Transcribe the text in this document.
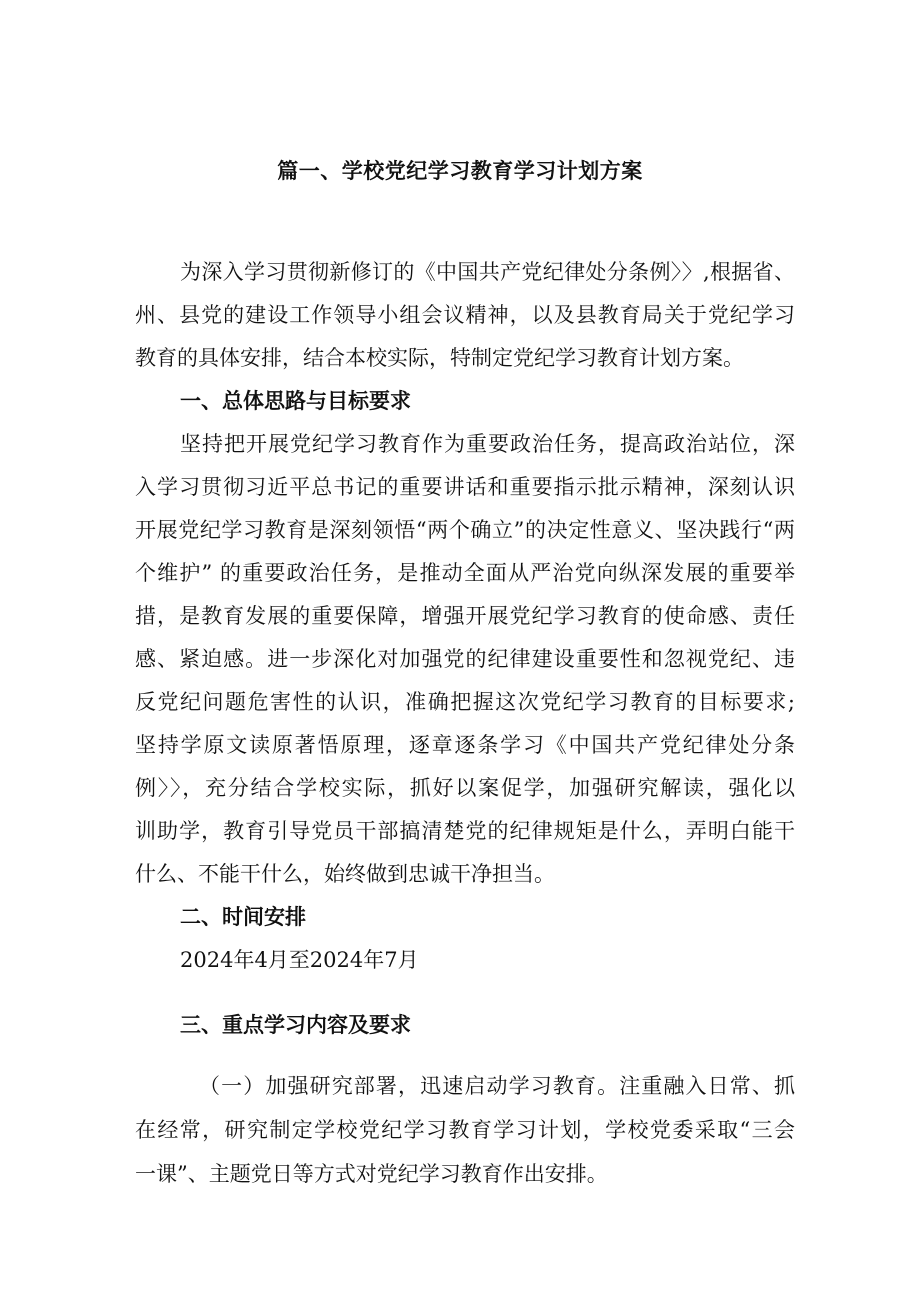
篇一、学校党纪学习教育学习计划方案
为深入学习贯彻新修订的《中国共产党纪律处分条例〉〉,根据省、
州、县党的建设工作领导小组会议精神，以及县教育局关于党纪学习
教育的具体安排，结合本校实际，特制定党纪学习教育计划方案。
一、总体思路与目标要求
坚持把开展党纪学习教育作为重要政治任务，提高政治站位，深
入学习贯彻习近平总书记的重要讲话和重要指示批示精神，深刻认识
开展党纪学习教育是深刻领悟“两个确立”的决定性意义、坚决践行“两
个维护” 的重要政治任务，是推动全面从严治党向纵深发展的重要举
措，是教育发展的重要保障，增强开展党纪学习教育的使命感、责任
感、紧迫感。进一步深化对加强党的纪律建设重要性和忽视党纪、违
反党纪问题危害性的认识，准确把握这次党纪学习教育的目标要求;
坚持学原文读原著悟原理，逐章逐条学习《中国共产党纪律处分条
例〉〉，充分结合学校实际，抓好以案促学，加强研究解读，强化以
训助学，教育引导党员干部搞清楚党的纪律规矩是什么，弄明白能干
什么、不能干什么，始终做到忠诚干净担当。
二、时间安排
2024年4月至2024年7月
三、重点学习内容及要求
（一）加强研究部署，迅速启动学习教育。注重融入日常、抓
在经常，研究制定学校党纪学习教育学习计划，学校党委采取“三会
一课”、主题党日等方式对党纪学习教育作出安排。
